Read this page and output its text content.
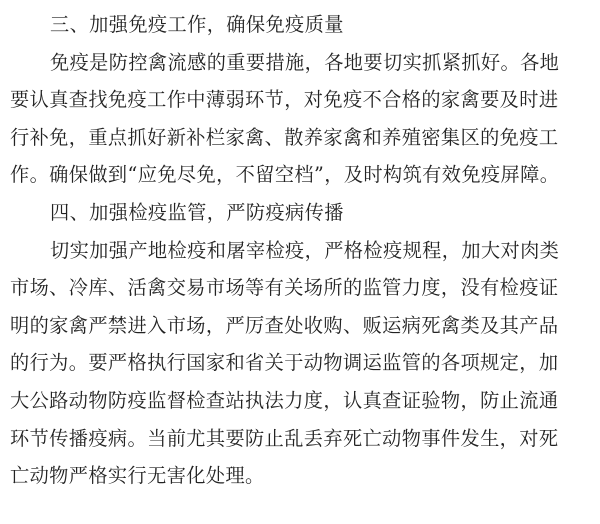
三、加强免疫工作，确保免疫质量
免疫是防控禽流感的重要措施，各地要切实抓紧抓好。各地
要认真查找免疫工作中薄弱环节，对免疫不合格的家禽要及时进
行补免，重点抓好新补栏家禽、散养家禽和养殖密集区的免疫工
作。确保做到“应免尽免，不留空档”，及时构筑有效免疫屏障。
四、加强检疫监管，严防疫病传播
切实加强产地检疫和屠宰检疫，严格检疫规程，加大对肉类
市场、冷库、活禽交易市场等有关场所的监管力度，没有检疫证
明的家禽严禁进入市场，严厉查处收购、贩运病死禽类及其产品
的行为。要严格执行国家和省关于动物调运监管的各项规定，加
大公路动物防疫监督检查站执法力度，认真查证验物，防止流通
环节传播疫病。当前尤其要防止乱丢弃死亡动物事件发生，对死
亡动物严格实行无害化处理。
